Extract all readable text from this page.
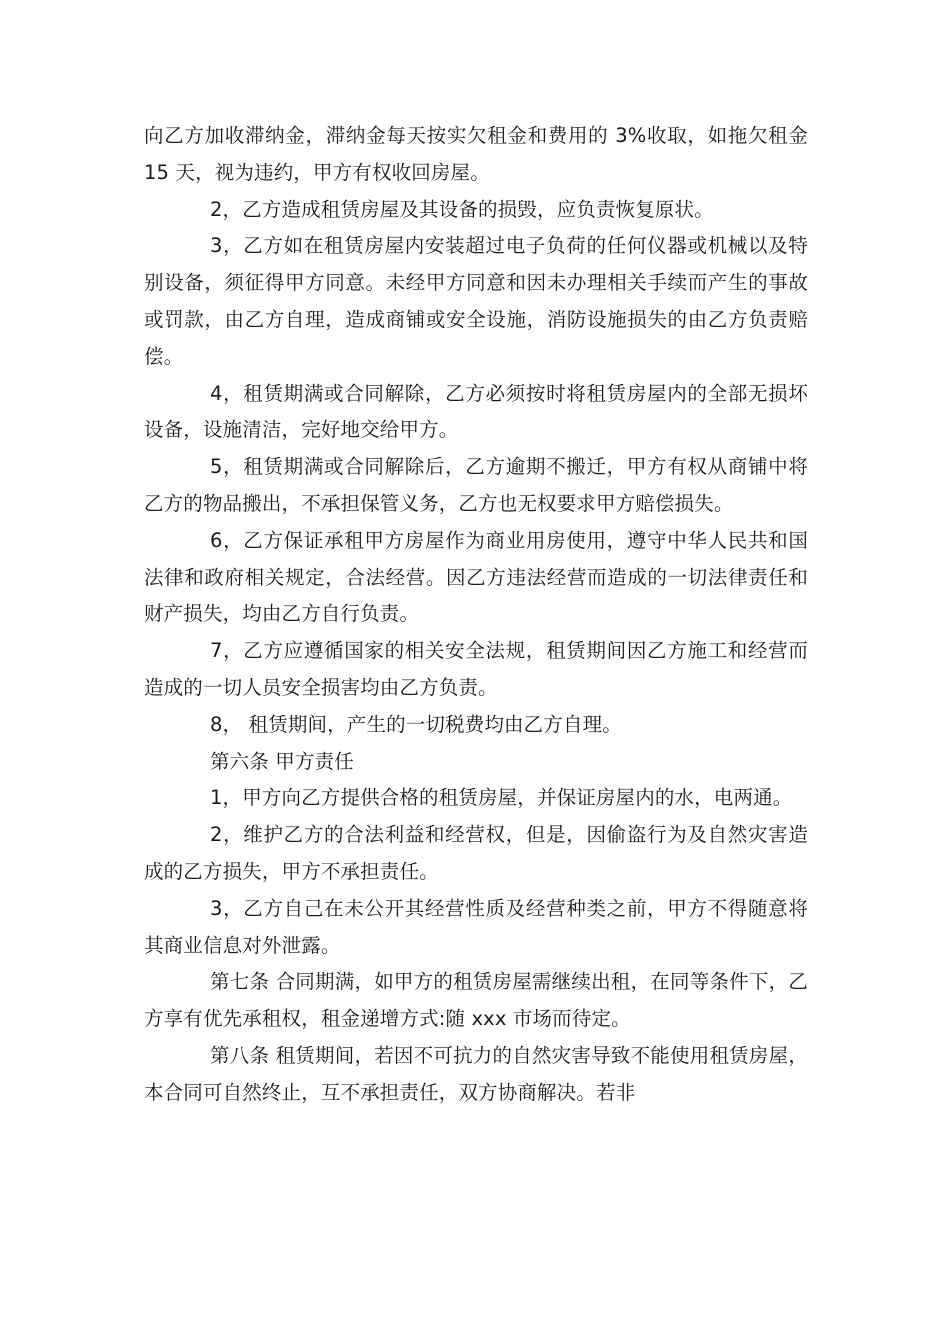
向乙方加收滞纳金，滞纳金每天按实欠租金和费用的 3%收取，如拖欠租金 15 天，视为违约，甲方有权收回房屋。

2，乙方造成租赁房屋及其设备的损毁，应负责恢复原状。

3，乙方如在租赁房屋内安装超过电子负荷的任何仪器或机械以及特别设备，须征得甲方同意。未经甲方同意和因未办理相关手续而产生的事故或罚款，由乙方自理，造成商铺或安全设施，消防设施损失的由乙方负责赔偿。

4，租赁期满或合同解除，乙方必须按时将租赁房屋内的全部无损坏设备，设施清洁，完好地交给甲方。

5，租赁期满或合同解除后，乙方逾期不搬迁，甲方有权从商铺中将乙方的物品搬出，不承担保管义务，乙方也无权要求甲方赔偿损失。

6，乙方保证承租甲方房屋作为商业用房使用，遵守中华人民共和国法律和政府相关规定，合法经营。因乙方违法经营而造成的一切法律责任和财产损失，均由乙方自行负责。

7，乙方应遵循国家的相关安全法规，租赁期间因乙方施工和经营而造成的一切人员安全损害均由乙方负责。

8， 租赁期间，产生的一切税费均由乙方自理。

第六条 甲方责任

1，甲方向乙方提供合格的租赁房屋，并保证房屋内的水，电两通。

2，维护乙方的合法利益和经营权，但是，因偷盗行为及自然灾害造成的乙方损失，甲方不承担责任。

3，乙方自己在未公开其经营性质及经营种类之前，甲方不得随意将其商业信息对外泄露。

第七条 合同期满，如甲方的租赁房屋需继续出租，在同等条件下，乙方享有优先承租权，租金递增方式:随 xxx 市场而待定。

第八条 租赁期间，若因不可抗力的自然灾害导致不能使用租赁房屋，本合同可自然终止，互不承担责任，双方协商解决。若非
